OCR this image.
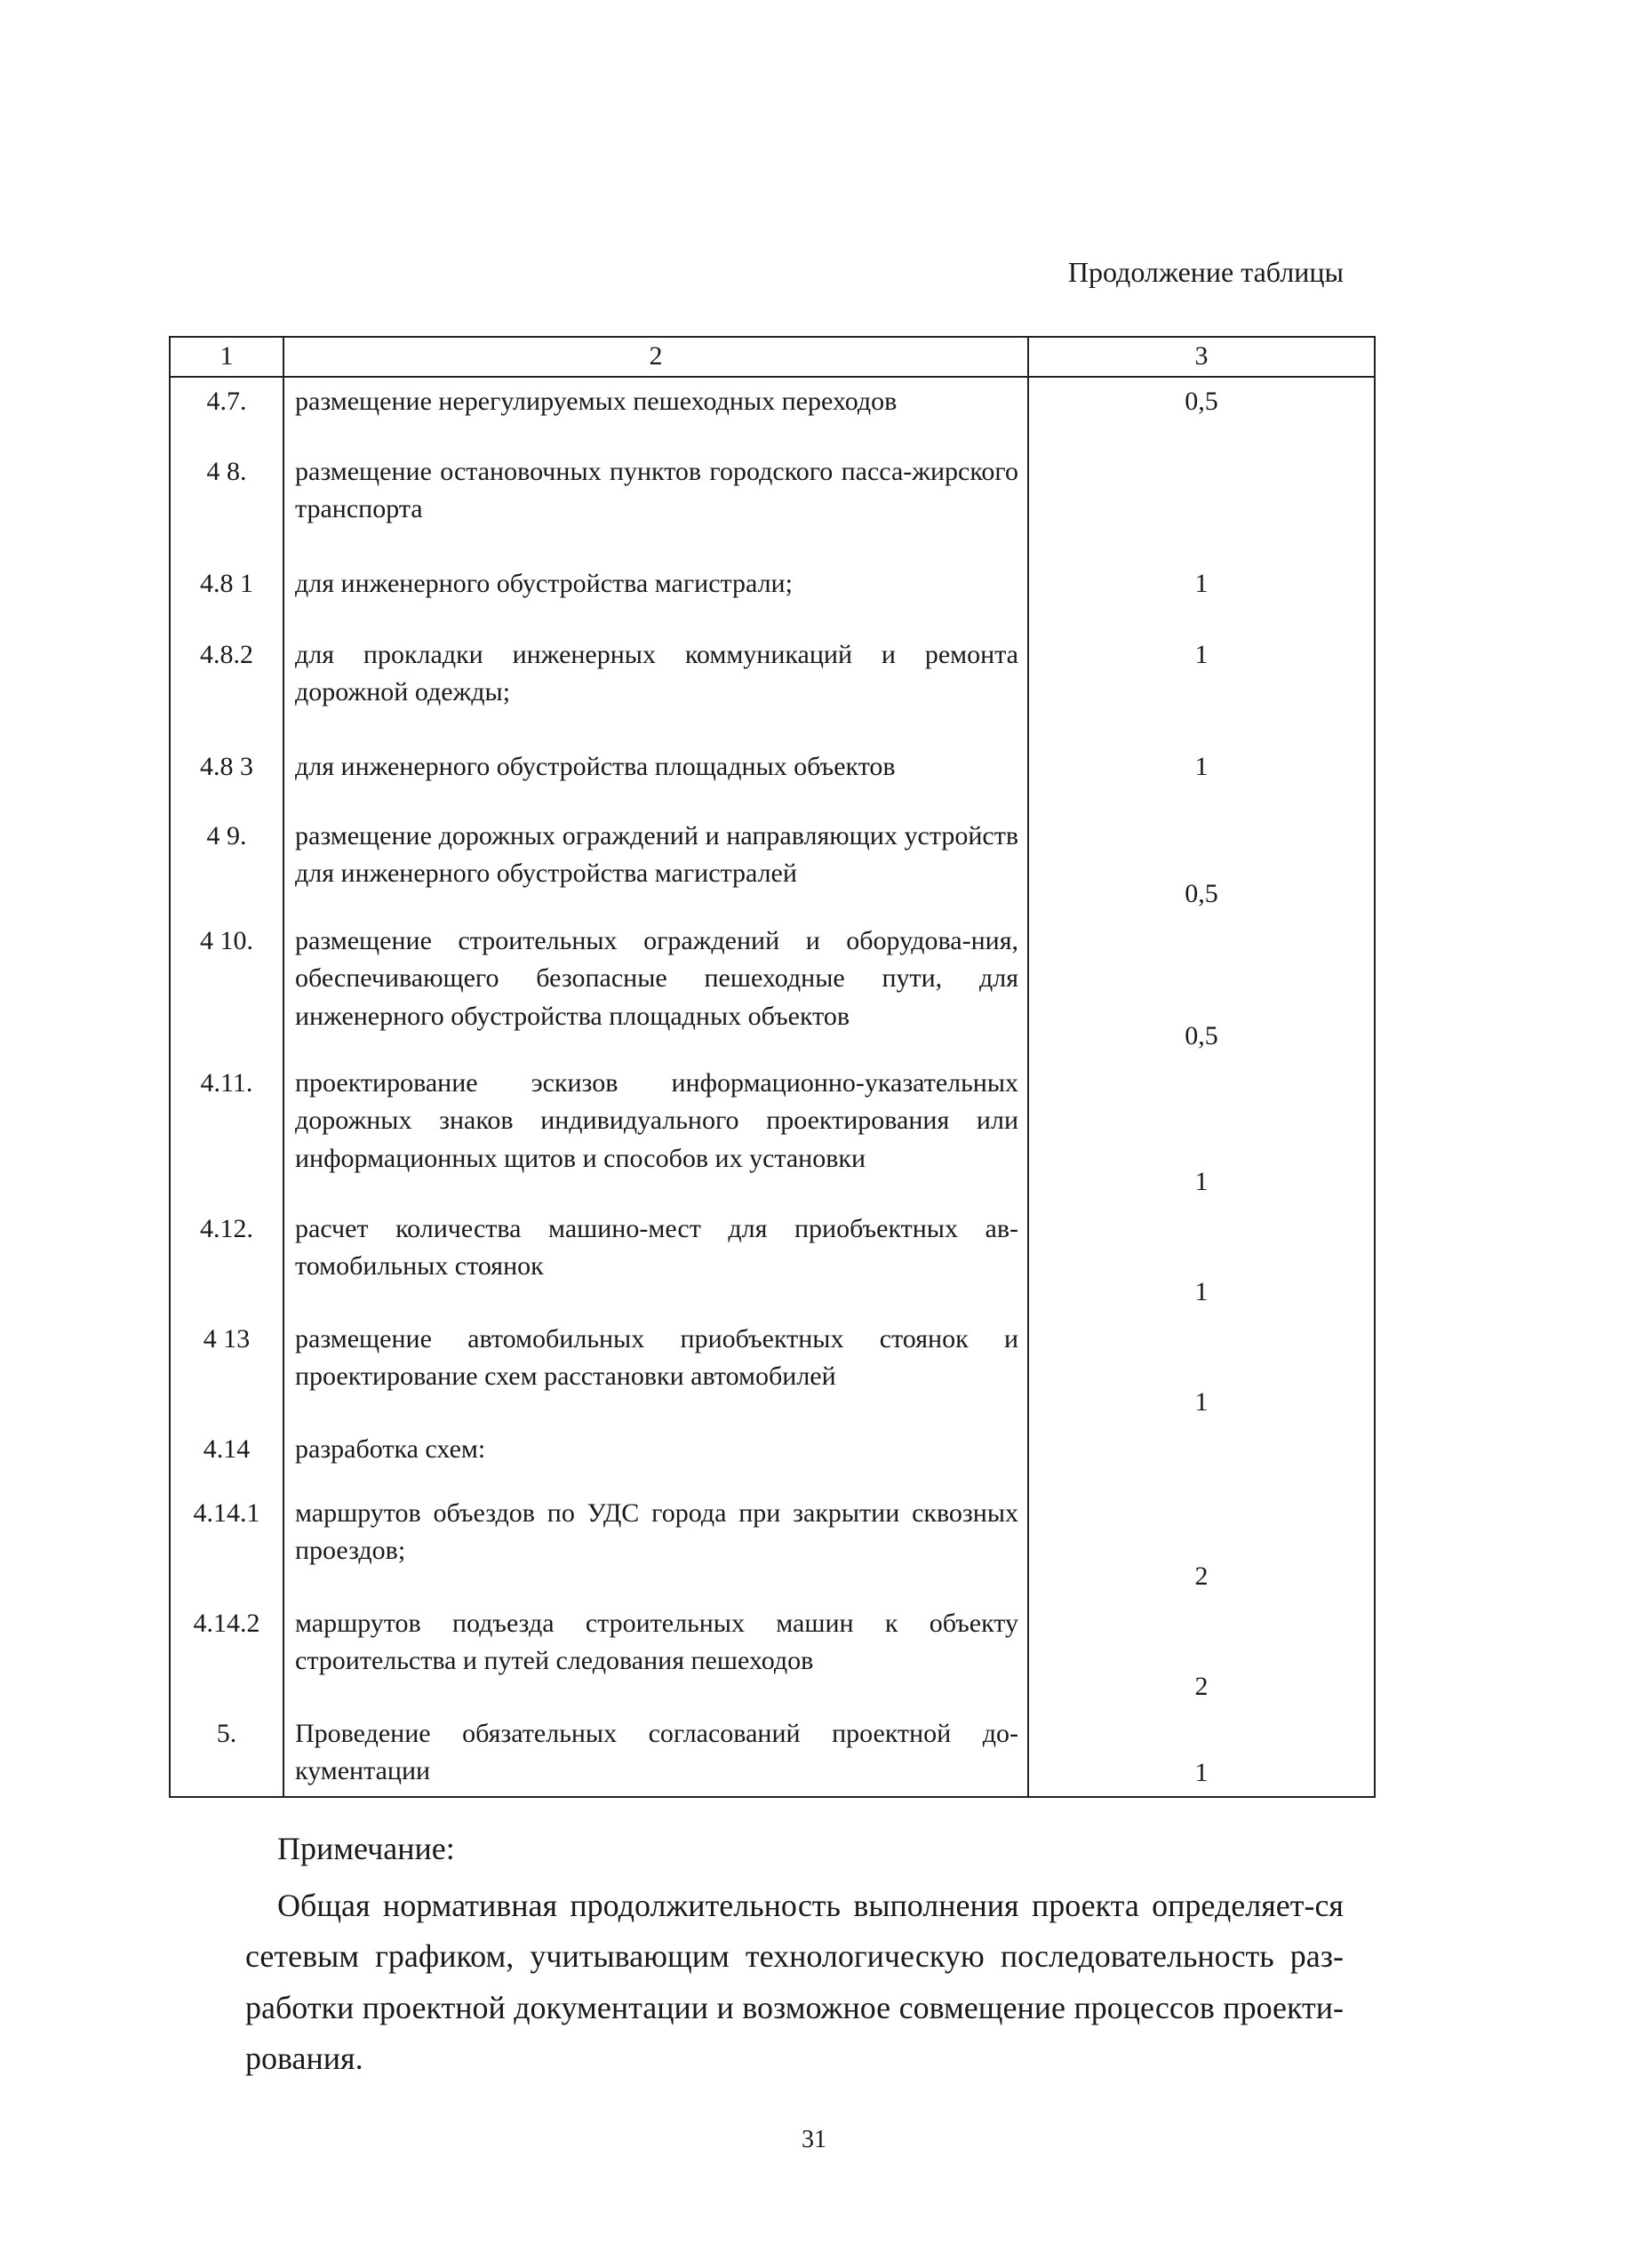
Продолжение таблицы
1	2	3
4.7.	размещение нерегулируемых пешеходных переходов	0,5
4 8.	размещение остановочных пунктов городского пасса-жирского транспорта	
4.8 1	для инженерного обустройства магистрали;	1
4.8.2	для прокладки инженерных коммуникаций и ремонта дорожной одежды;	1
4.8 3	для инженерного обустройства площадных объектов	1
4 9.	размещение дорожных ограждений и направляющих устройств для инженерного обустройства магистралей	0,5
4 10.	размещение строительных ограждений и оборудова-ния, обеспечивающего безопасные пешеходные пути, для инженерного обустройства площадных объектов	0,5
4.11.	проектирование эскизов информационно-указательных дорожных знаков индивидуального проектирования или информационных щитов и способов их установки	1
4.12.	расчет количества машино-мест для приобъектных ав-томобильных стоянок	1
4 13	размещение автомобильных приобъектных стоянок и проектирование схем расстановки автомобилей	1
4.14	разработка схем:	
4.14.1	маршрутов объездов по УДС города при закрытии сквозных проездов;	2
4.14.2	маршрутов подъезда строительных машин к объекту строительства и путей следования пешеходов	2
5.	Проведение обязательных согласований проектной до-кументации	1

Примечание:

Общая нормативная продолжительность выполнения проекта определяет-ся сетевым графиком, учитывающим технологическую последовательность раз-работки проектной документации и возможное совмещение процессов проекти-рования.

31
